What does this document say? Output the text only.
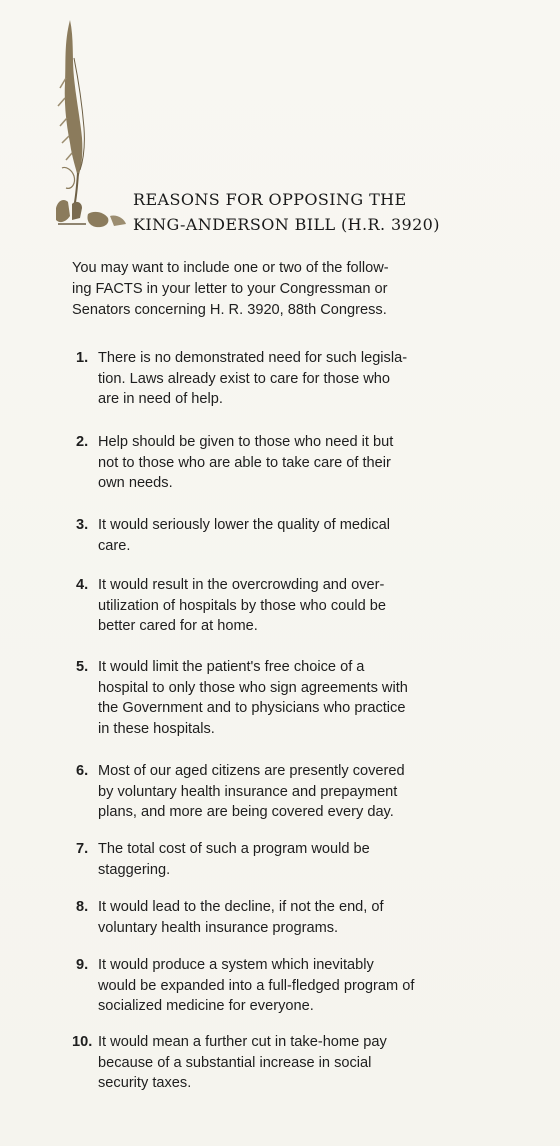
REASONS FOR OPPOSING THE
KING-ANDERSON BILL (H.R. 3920)
You may want to include one or two of the follow-
ing FACTS in your letter to your Congressman or
Senators concerning H. R. 3920, 88th Congress.
1. There is no demonstrated need for such legisla-
tion. Laws already exist to care for those who
are in need of help.
2. Help should be given to those who need it but
not to those who are able to take care of their
own needs.
3. It would seriously lower the quality of medical
care.
4. It would result in the overcrowding and over-
utilization of hospitals by those who could be
better cared for at home.
5. It would limit the patient's free choice of a
hospital to only those who sign agreements with
the Government and to physicians who practice
in these hospitals.
6. Most of our aged citizens are presently covered
by voluntary health insurance and prepayment
plans, and more are being covered every day.
7. The total cost of such a program would be
staggering.
8. It would lead to the decline, if not the end, of
voluntary health insurance programs.
9. It would produce a system which inevitably
would be expanded into a full-fledged program of
socialized medicine for everyone.
10. It would mean a further cut in take-home pay
because of a substantial increase in social
security taxes.
